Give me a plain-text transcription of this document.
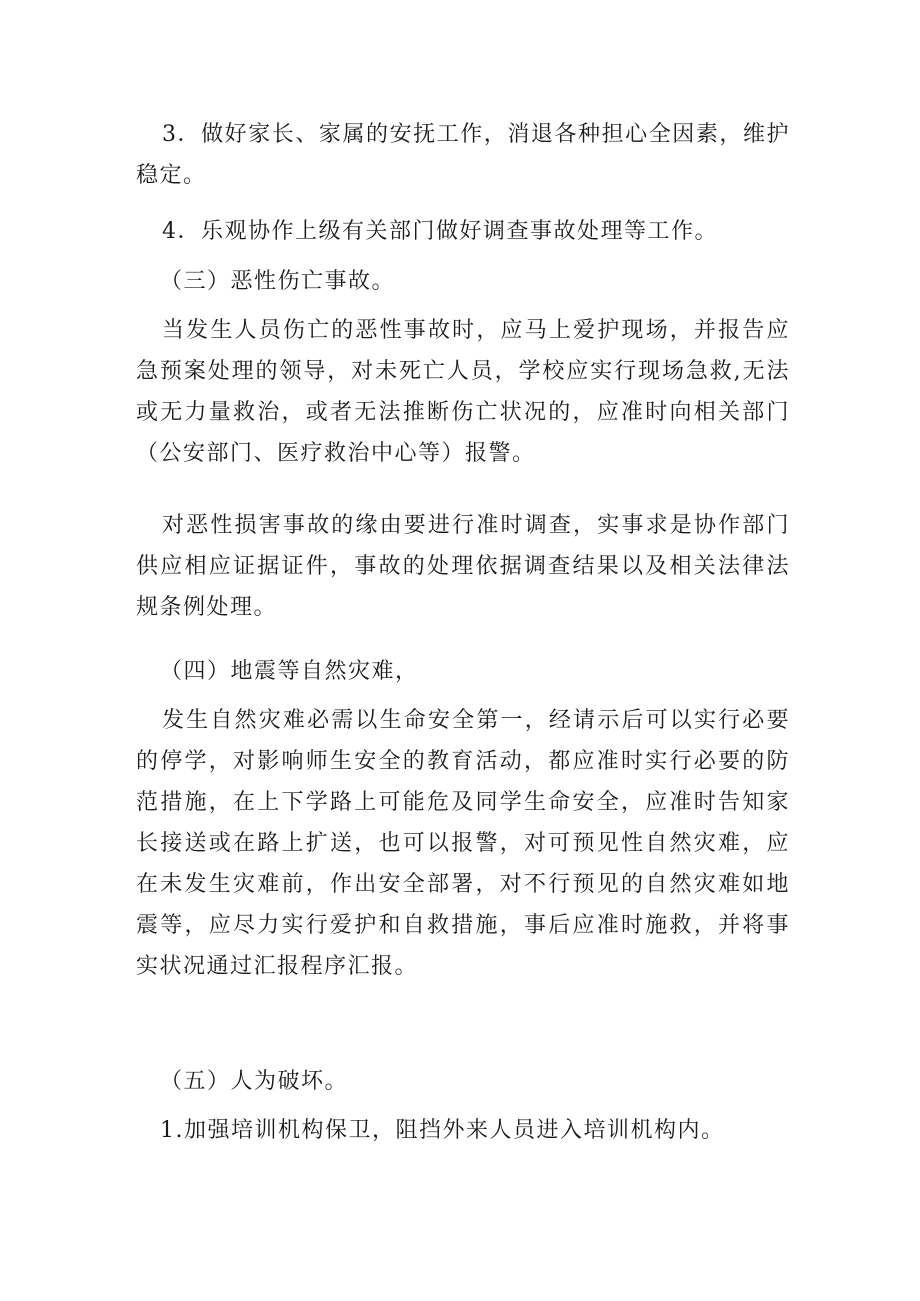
3．做好家长、家属的安抚工作，消退各种担心全因素，维护稳定。

4．乐观协作上级有关部门做好调查事故处理等工作。

（三）恶性伤亡事故。

当发生人员伤亡的恶性事故时，应马上爱护现场，并报告应急预案处理的领导，对未死亡人员，学校应实行现场急救,无法或无力量救治，或者无法推断伤亡状况的，应准时向相关部门（公安部门、医疗救治中心等）报警。

对恶性损害事故的缘由要进行准时调查，实事求是协作部门供应相应证据证件，事故的处理依据调查结果以及相关法律法规条例处理。

（四）地震等自然灾难，

发生自然灾难必需以生命安全第一，经请示后可以实行必要的停学，对影响师生安全的教育活动，都应准时实行必要的防范措施，在上下学路上可能危及同学生命安全，应准时告知家长接送或在路上扩送，也可以报警，对可预见性自然灾难，应在未发生灾难前，作出安全部署，对不行预见的自然灾难如地震等，应尽力实行爱护和自救措施，事后应准时施救，并将事实状况通过汇报程序汇报。

（五）人为破坏。

1.加强培训机构保卫，阻挡外来人员进入培训机构内。
